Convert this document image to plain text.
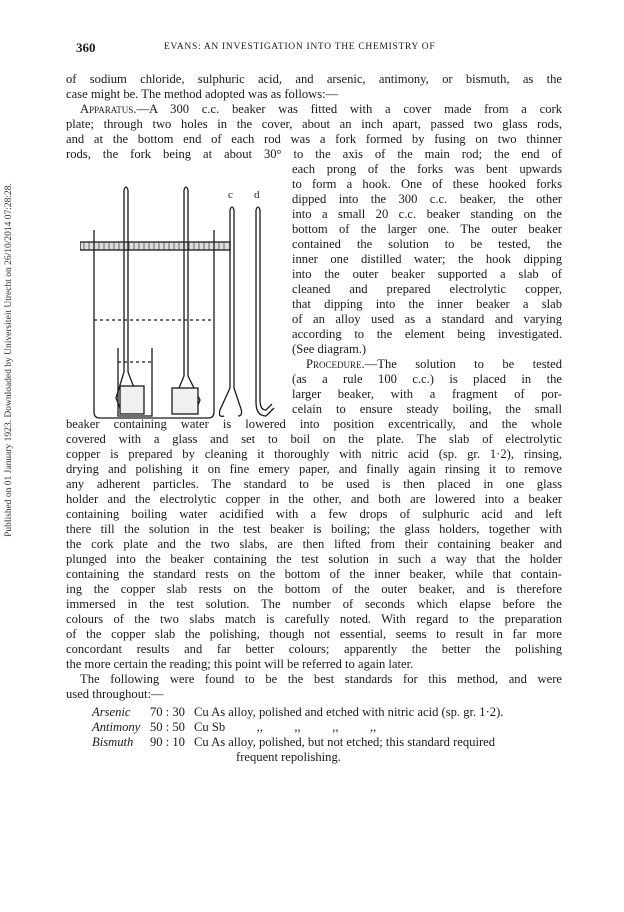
Published on 01 January 1923. Downloaded by Universiteit Utrecht on 26/10/2014 07:28:28.
360	EVANS: AN INVESTIGATION INTO THE CHEMISTRY OF
of sodium chloride, sulphuric acid, and arsenic, antimony, or bismuth, as the
case might be. The method adopted was as follows:—
Apparatus.—A 300 c.c. beaker was fitted with a cover made from a cork
plate; through two holes in the cover, about an inch apart, passed two glass rods,
and at the bottom end of each rod was a fork formed by fusing on two thinner
rods, the fork being at about 30° to the axis of the main rod; the end of
each prong of the forks was bent upwards
to form a hook. One of these hooked forks
dipped into the 300 c.c. beaker, the other
into a small 20 c.c. beaker standing on the
bottom of the larger one. The outer beaker
contained the solution to be tested, the
inner one distilled water; the hook dipping
into the outer beaker supported a slab of
cleaned and prepared electrolytic copper,
that dipping into the inner beaker a slab
of an alloy used as a standard and varying
according to the element being investigated.
(See diagram.)
Procedure.—The solution to be tested
(as a rule 100 c.c.) is placed in the
larger beaker, with a fragment of por-
celain to ensure steady boiling, the small
beaker containing water is lowered into position excentrically, and the whole
covered with a glass and set to boil on the plate. The slab of electrolytic
copper is prepared by cleaning it thoroughly with nitric acid (sp. gr. 1·2), rinsing,
drying and polishing it on fine emery paper, and finally again rinsing it to remove
any adherent particles. The standard to be used is then placed in one glass
holder and the electrolytic copper in the other, and both are lowered into a beaker
containing boiling water acidified with a few drops of sulphuric acid and left
there till the solution in the test beaker is boiling; the glass holders, together with
the cork plate and the two slabs, are then lifted from their containing beaker and
plunged into the beaker containing the test solution in such a way that the holder
containing the standard rests on the bottom of the inner beaker, while that contain-
ing the copper slab rests on the bottom of the outer beaker, and is therefore
immersed in the test solution. The number of seconds which elapse before the
colours of the two slabs match is carefully noted. With regard to the preparation
of the copper slab the polishing, though not essential, seems to result in far more
concordant results and far better colours; apparently the better the polishing
the more certain the reading; this point will be referred to again later.
The following were found to be the best standards for this method, and were
used throughout:—
Arsenic 70 : 30 Cu As alloy, polished and etched with nitric acid (sp. gr. 1·2).
Antimony 50 : 50 Cu Sb          ,,          ,,          ,,          ,,
Bismuth 90 : 10 Cu As alloy, polished, but not etched; this standard required
frequent repolishing.
c d
